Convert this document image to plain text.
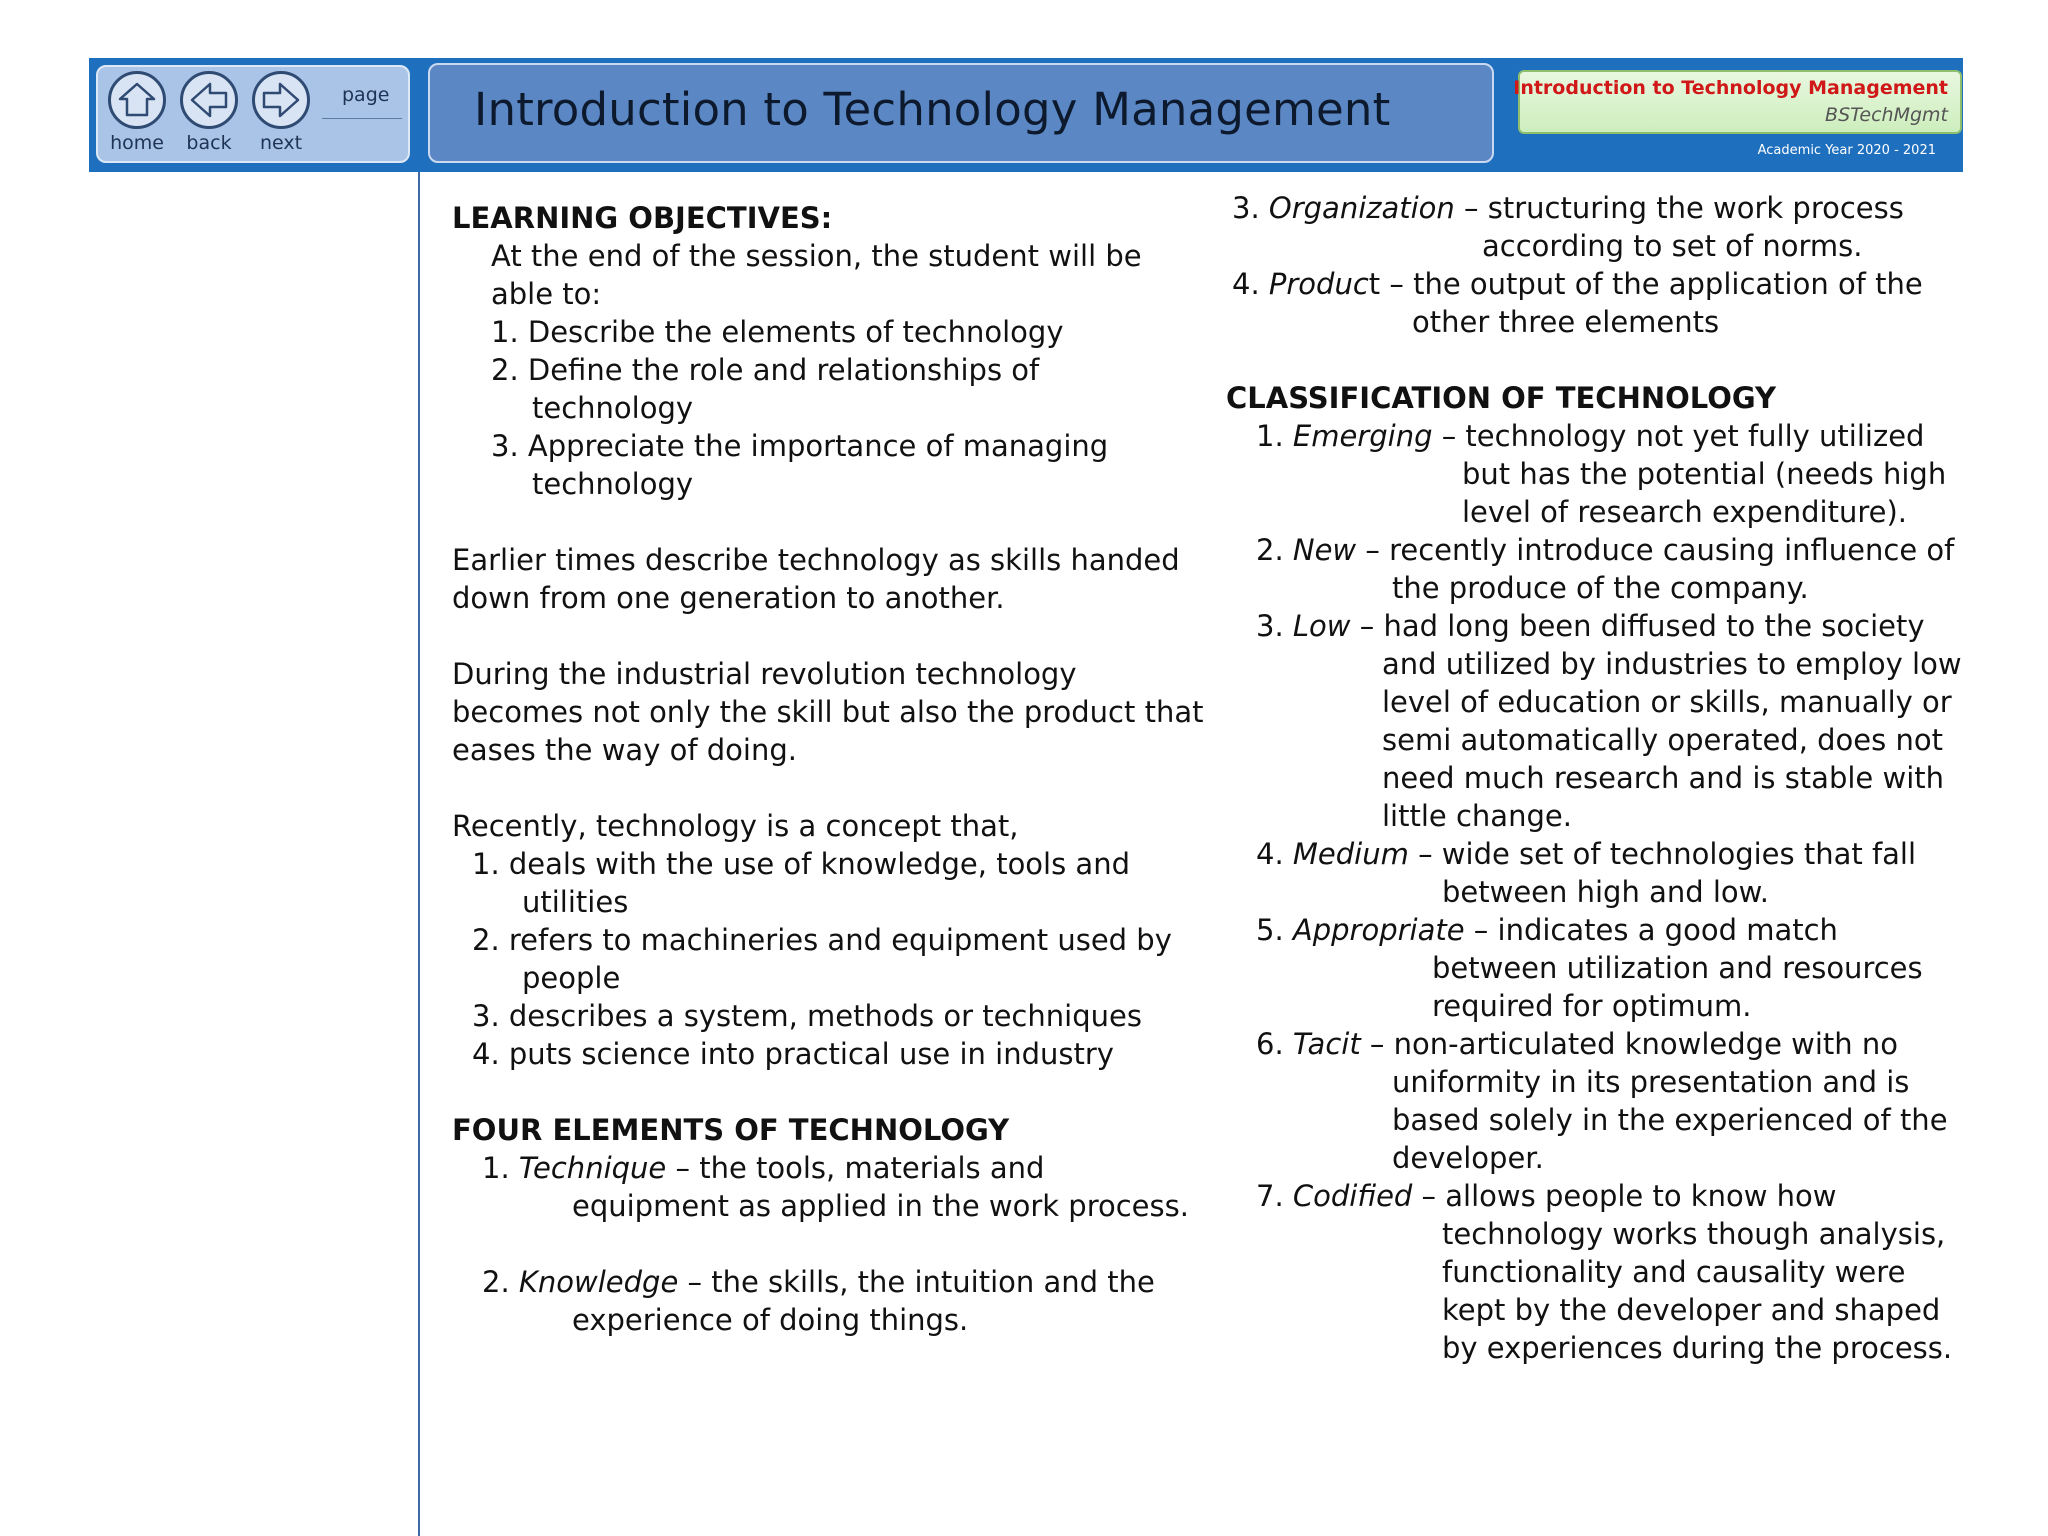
home	back	next
page Introduction to Technology Management	Introduction to Technology Management
BSTechMgmt
Academic Year 2020 - 2021
LEARNING OBJECTIVES:
At the end of the session, the student will be
able to:
1. Describe the elements of technology
2. Define the role and relationships of
technology
3. Appreciate the importance of managing
technology
Earlier times describe technology as skills handed
down from one generation to another.
During the industrial revolution technology
becomes not only the skill but also the product that
eases the way of doing.
Recently, technology is a concept that,
1. deals with the use of knowledge, tools and
utilities
2. refers to machineries and equipment used by
people
3. describes a system, methods or techniques
4. puts science into practical use in industry
FOUR ELEMENTS OF TECHNOLOGY
1. Technique – the tools, materials and
equipment as applied in the work process.
2. Knowledge – the skills, the intuition and the
experience of doing things.
3. Organization – structuring the work process
according to set of norms.
4. Product – the output of the application of the
other three elements
CLASSIFICATION OF TECHNOLOGY
1. Emerging – technology not yet fully utilized
but has the potential (needs high
level of research expenditure).
2. New – recently introduce causing influence of
the produce of the company.
3. Low – had long been diffused to the society
and utilized by industries to employ low
level of education or skills, manually or
semi automatically operated, does not
need much research and is stable with
little change.
4. Medium – wide set of technologies that fall
between high and low.
5. Appropriate – indicates a good match
between utilization and resources
required for optimum.
6. Tacit – non-articulated knowledge with no
uniformity in its presentation and is
based solely in the experienced of the
developer.
7. Codified – allows people to know how
technology works though analysis,
functionality and causality were
kept by the developer and shaped
by experiences during the process.
